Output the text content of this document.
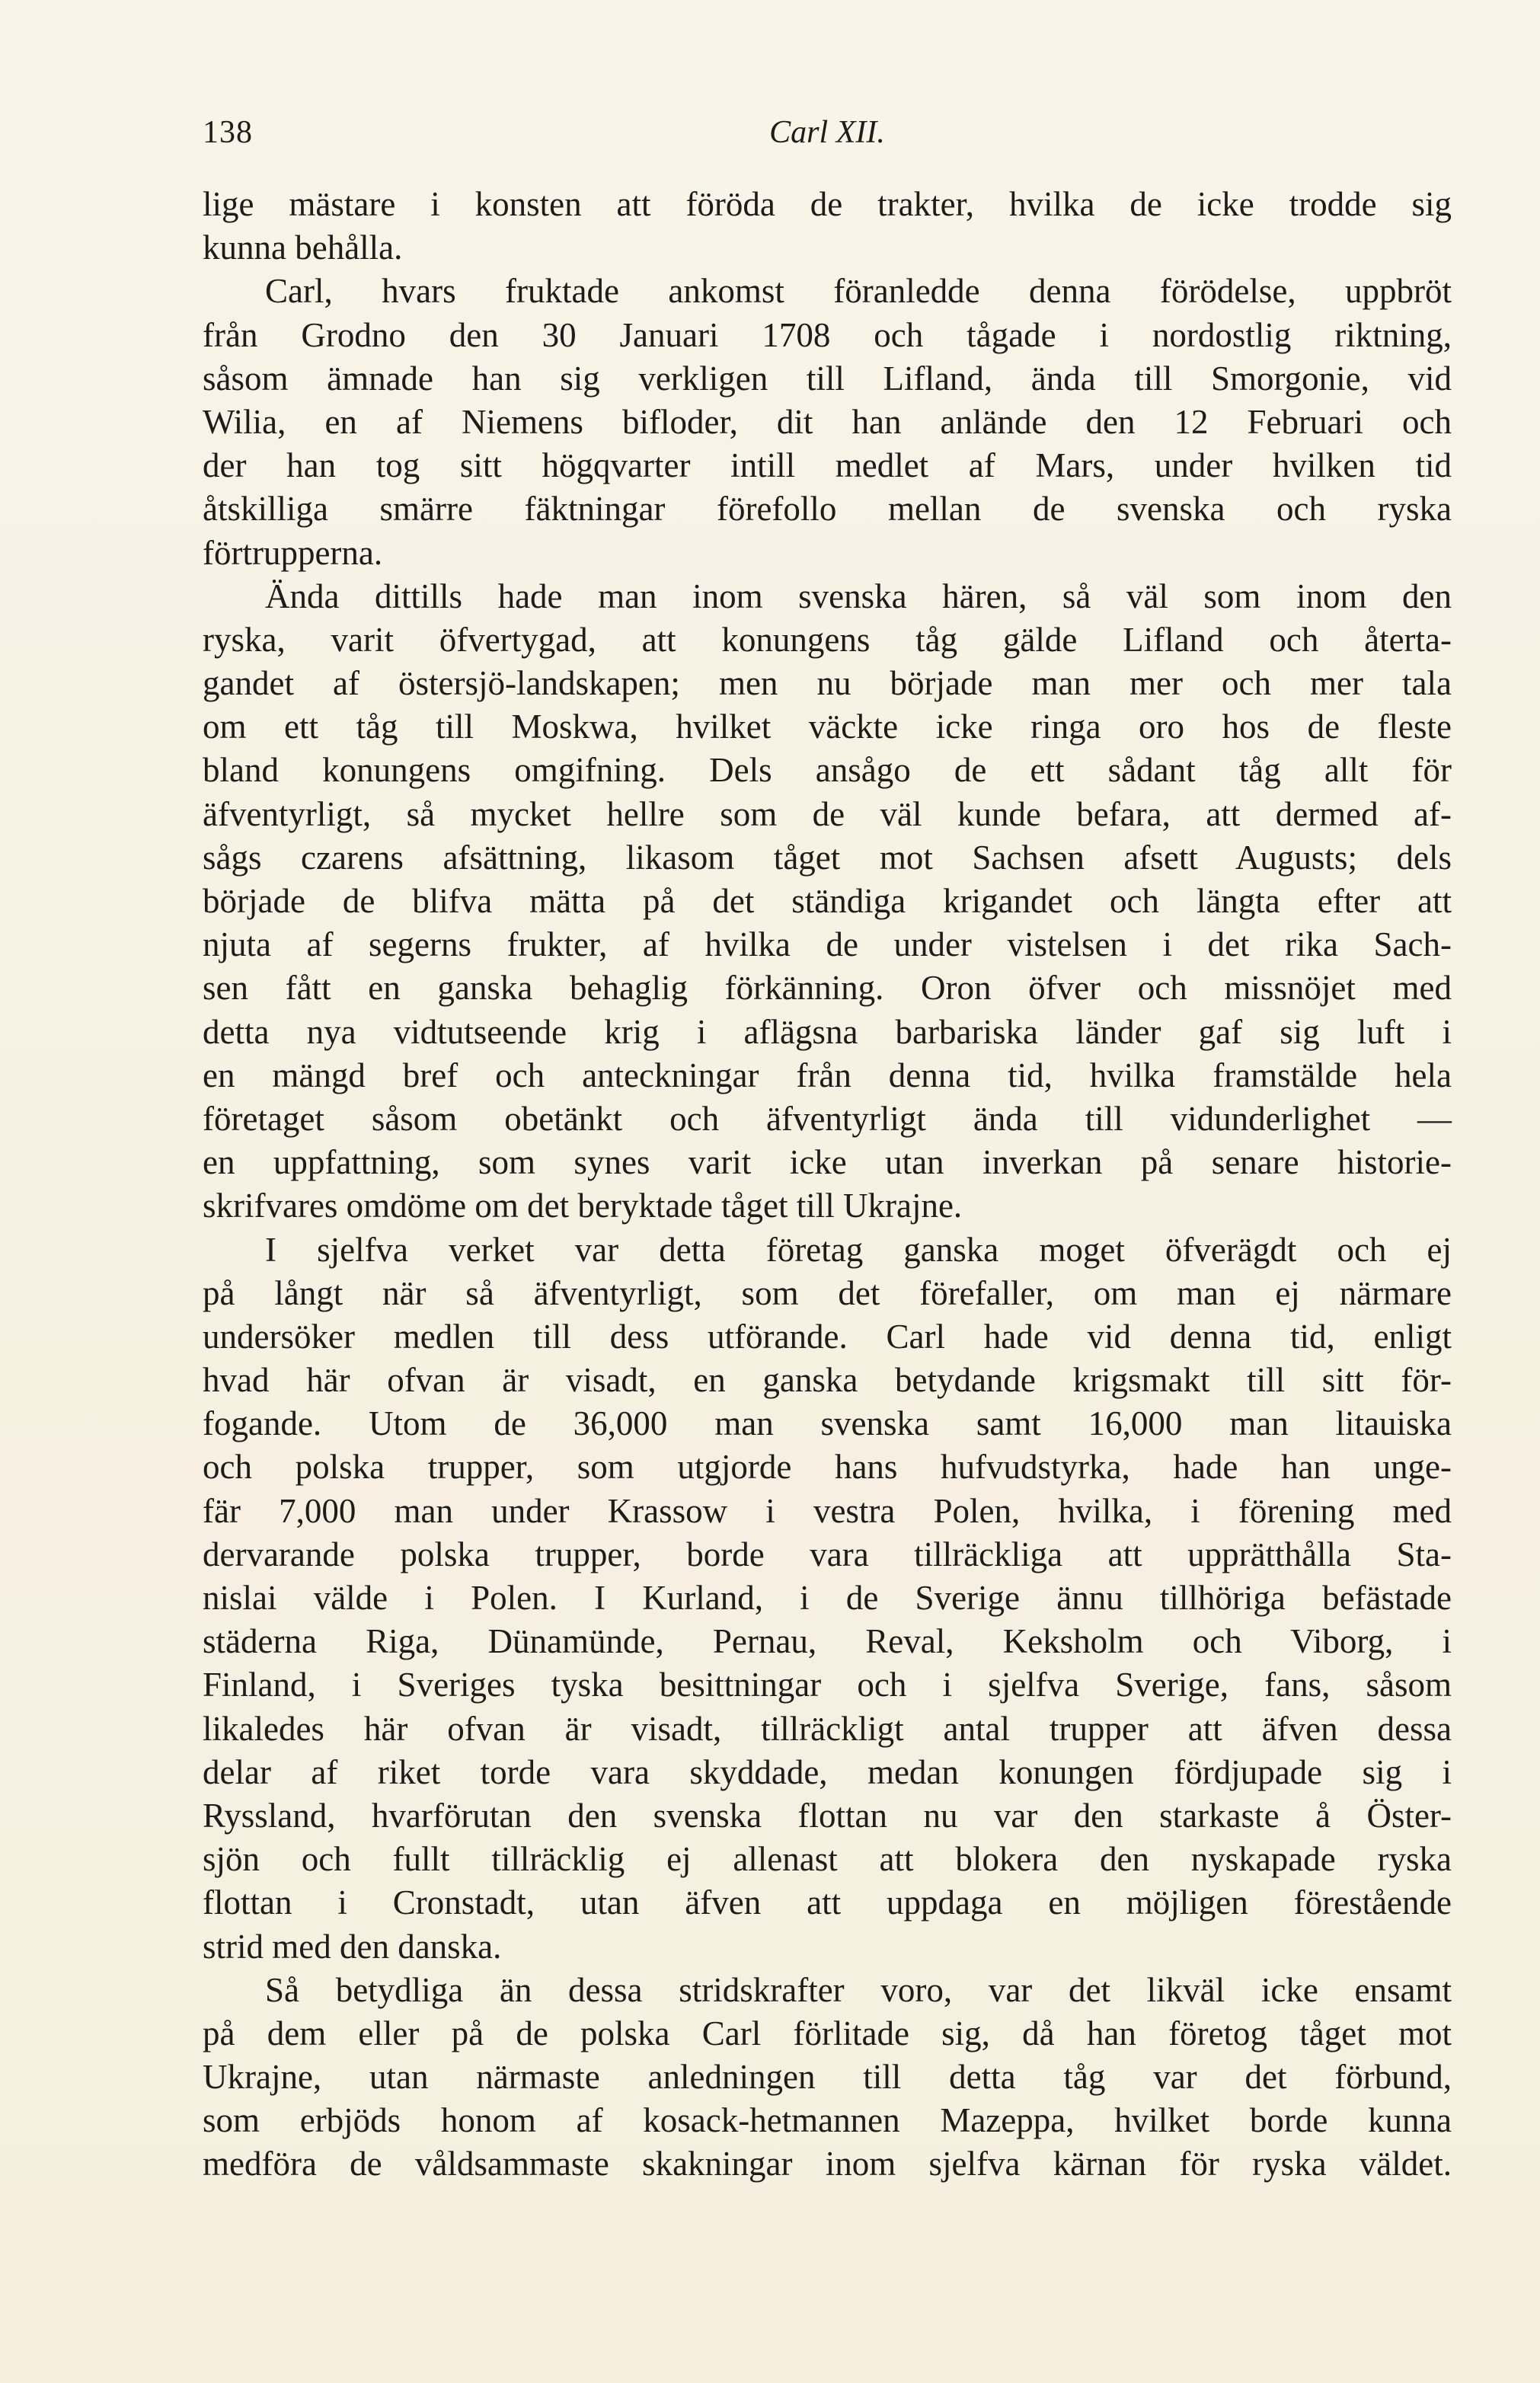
138	Carl XII.
lige mästare i konsten att föröda de trakter, hvilka de icke trodde sig
kunna behålla.
Carl, hvars fruktade ankomst föranledde denna förödelse, uppbröt
från Grodno den 30 Januari 1708 och tågade i nordostlig riktning,
såsom ämnade han sig verkligen till Lifland, ända till Smorgonie, vid
Wilia, en af Niemens bifloder, dit han anlände den 12 Februari och
der han tog sitt högqvarter intill medlet af Mars, under hvilken tid
åtskilliga smärre fäktningar förefollo mellan de svenska och ryska
förtrupperna.
Ända dittills hade man inom svenska hären, så väl som inom den
ryska, varit öfvertygad, att konungens tåg gälde Lifland och återta-
gandet af östersjö-landskapen; men nu började man mer och mer tala
om ett tåg till Moskwa, hvilket väckte icke ringa oro hos de fleste
bland konungens omgifning. Dels ansågo de ett sådant tåg allt för
äfventyrligt, så mycket hellre som de väl kunde befara, att dermed af-
sågs czarens afsättning, likasom tåget mot Sachsen afsett Augusts; dels
började de blifva mätta på det ständiga krigandet och längta efter att
njuta af segerns frukter, af hvilka de under vistelsen i det rika Sach-
sen fått en ganska behaglig förkänning. Oron öfver och missnöjet med
detta nya vidtutseende krig i aflägsna barbariska länder gaf sig luft i
en mängd bref och anteckningar från denna tid, hvilka framstälde hela
företaget såsom obetänkt och äfventyrligt ända till vidunderlighet —
en uppfattning, som synes varit icke utan inverkan på senare historie-
skrifvares omdöme om det beryktade tåget till Ukrajne.
I sjelfva verket var detta företag ganska moget öfverägdt och ej
på långt när så äfventyrligt, som det förefaller, om man ej närmare
undersöker medlen till dess utförande. Carl hade vid denna tid, enligt
hvad här ofvan är visadt, en ganska betydande krigsmakt till sitt för-
fogande. Utom de 36,000 man svenska samt 16,000 man litauiska
och polska trupper, som utgjorde hans hufvudstyrka, hade han unge-
fär 7,000 man under Krassow i vestra Polen, hvilka, i förening med
dervarande polska trupper, borde vara tillräckliga att upprätthålla Sta-
nislai välde i Polen. I Kurland, i de Sverige ännu tillhöriga befästade
städerna Riga, Dünamünde, Pernau, Reval, Keksholm och Viborg, i
Finland, i Sveriges tyska besittningar och i sjelfva Sverige, fans, såsom
likaledes här ofvan är visadt, tillräckligt antal trupper att äfven dessa
delar af riket torde vara skyddade, medan konungen fördjupade sig i
Ryssland, hvarförutan den svenska flottan nu var den starkaste å Öster-
sjön och fullt tillräcklig ej allenast att blokera den nyskapade ryska
flottan i Cronstadt, utan äfven att uppdaga en möjligen förestående
strid med den danska.
Så betydliga än dessa stridskrafter voro, var det likväl icke ensamt
på dem eller på de polska Carl förlitade sig, då han företog tåget mot
Ukrajne, utan närmaste anledningen till detta tåg var det förbund,
som erbjöds honom af kosack-hetmannen Mazeppa, hvilket borde kunna
medföra de våldsammaste skakningar inom sjelfva kärnan för ryska väldet.
